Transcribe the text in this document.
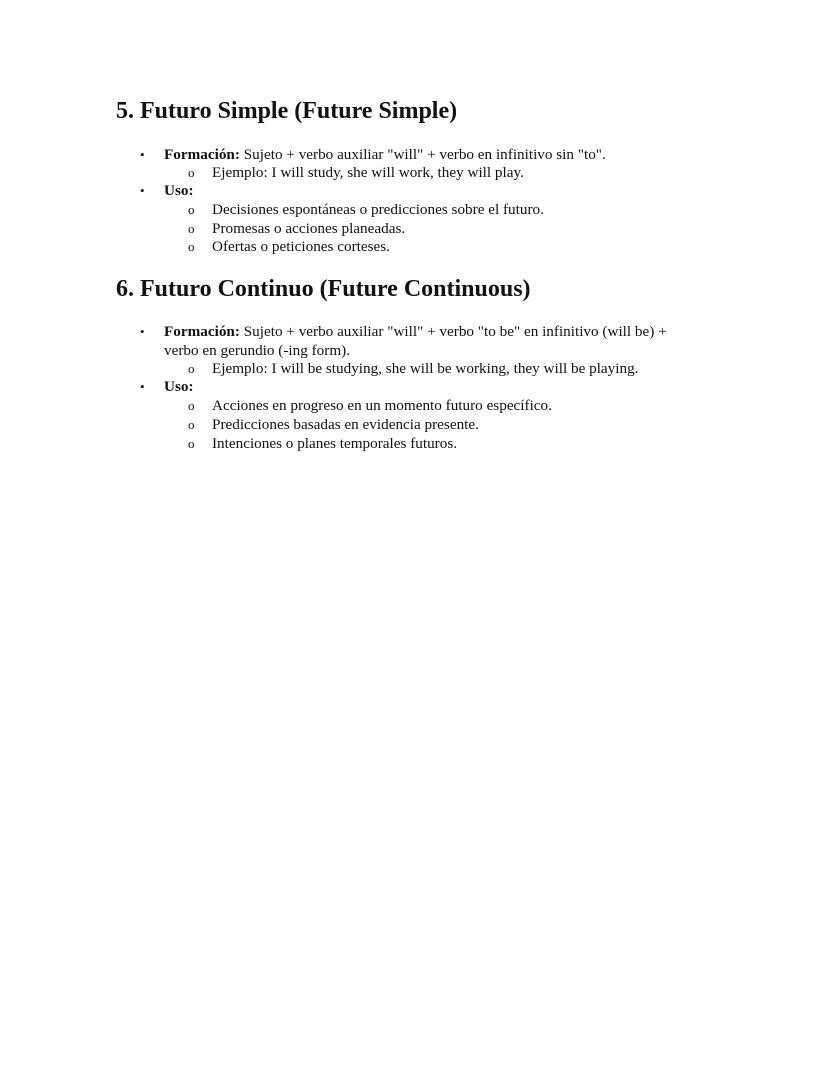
5. Futuro Simple (Future Simple)
• Formación: Sujeto + verbo auxiliar "will" + verbo en infinitivo sin "to".
o Ejemplo: I will study, she will work, they will play.
• Uso:
o Decisiones espontáneas o predicciones sobre el futuro.
o Promesas o acciones planeadas.
o Ofertas o peticiones corteses.
6. Futuro Continuo (Future Continuous)
• Formación: Sujeto + verbo auxiliar "will" + verbo "to be" en infinitivo (will be) +
verbo en gerundio (-ing form).
o Ejemplo: I will be studying, she will be working, they will be playing.
• Uso:
o Acciones en progreso en un momento futuro específico.
o Predicciones basadas en evidencia presente.
o Intenciones o planes temporales futuros.
